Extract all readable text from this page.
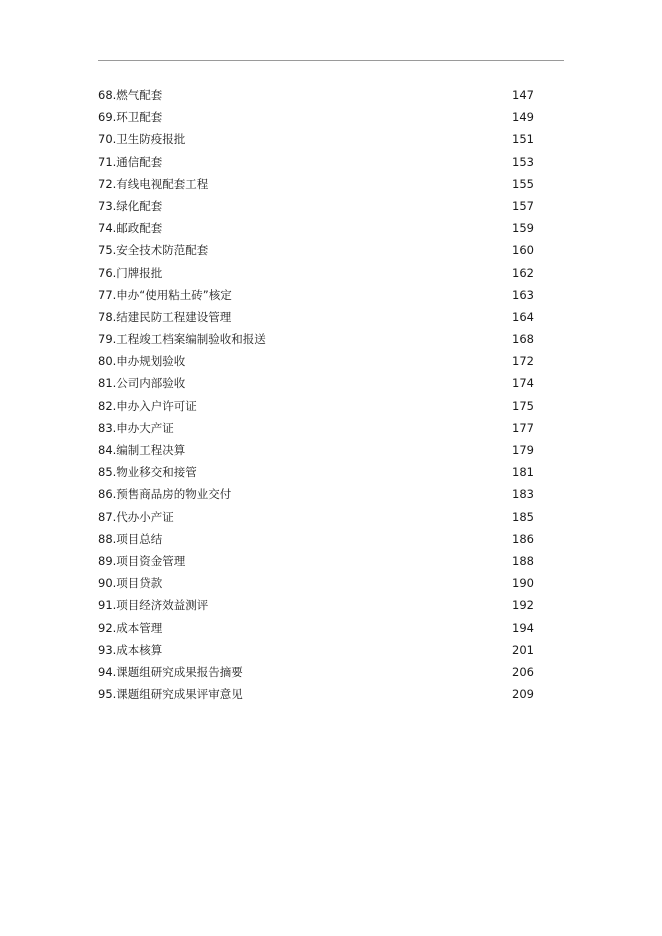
68. 燃气配套	147
69. 环卫配套	149
70. 卫生防疫报批	151
71. 通信配套	153
72. 有线电视配套工程	155
73. 绿化配套	157
74. 邮政配套	159
75. 安全技术防范配套	160
76. 门牌报批	162
77. 申办“使用粘土砖”核定	163
78. 结建民防工程建设管理	164
79. 工程竣工档案编制验收和报送	168
80. 申办规划验收	172
81. 公司内部验收	174
82. 申办入户许可证	175
83. 申办大产证	177
84. 编制工程决算	179
85. 物业移交和接管	181
86. 预售商品房的物业交付	183
87. 代办小产证	185
88. 项目总结	186
89. 项目资金管理	188
90. 项目贷款	190
91. 项目经济效益测评	192
92. 成本管理	194
93. 成本核算	201
94. 课题组研究成果报告摘要	206
95. 课题组研究成果评审意见	209
